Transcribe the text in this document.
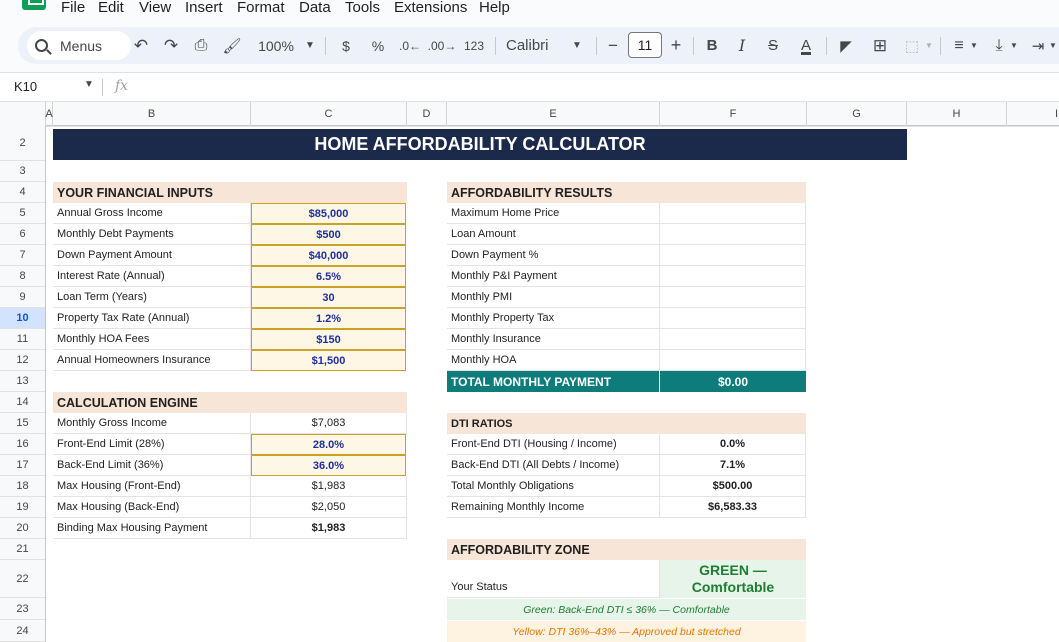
File Edit View Insert Format Data Tools Extensions Help
Menus ↶ ↷ ⎙	🖌︎ 100% ▼ $ %	.0← .00→ 123 Calibri	▼ −	11	+ B	I	S	A	◤ ⊞ ⬚ ▼ ≡ ▼	⤓ ▼ ⇥ ▼
K10	▼ fx
A	B	C	D	E	F	G	H	I
2
3
4
5
6
7
8
9
10
11
12
13
14
15
16
17
18
19
20
21
22
23
24
HOME AFFORDABILITY CALCULATOR
YOUR FINANCIAL INPUTS
Annual Gross Income	$85,000
Monthly Debt Payments	$500
Down Payment Amount	$40,000
Interest Rate (Annual)	6.5%
Loan Term (Years)	30
Property Tax Rate (Annual)	1.2%
Monthly HOA Fees	$150
Annual Homeowners Insurance	$1,500
CALCULATION ENGINE
Monthly Gross Income	$7,083
Front-End Limit (28%)	28.0%
Back-End Limit (36%)	36.0%
Max Housing (Front-End)	$1,983
Max Housing (Back-End)	$2,050
Binding Max Housing Payment	$1,983
AFFORDABILITY RESULTS
Maximum Home Price
Loan Amount
Down Payment %
Monthly P&I Payment
Monthly PMI
Monthly Property Tax
Monthly Insurance
Monthly HOA
TOTAL MONTHLY PAYMENT	$0.00
DTI RATIOS
Front-End DTI (Housing / Income)	0.0%
Back-End DTI (All Debts / Income)	7.1%
Total Monthly Obligations	$500.00
Remaining Monthly Income	$6,583.33
AFFORDABILITY ZONE
Your Status
GREEN —
Comfortable
Green: Back-End DTI ≤ 36% — Comfortable
Yellow: DTI 36%–43% — Approved but stretched
